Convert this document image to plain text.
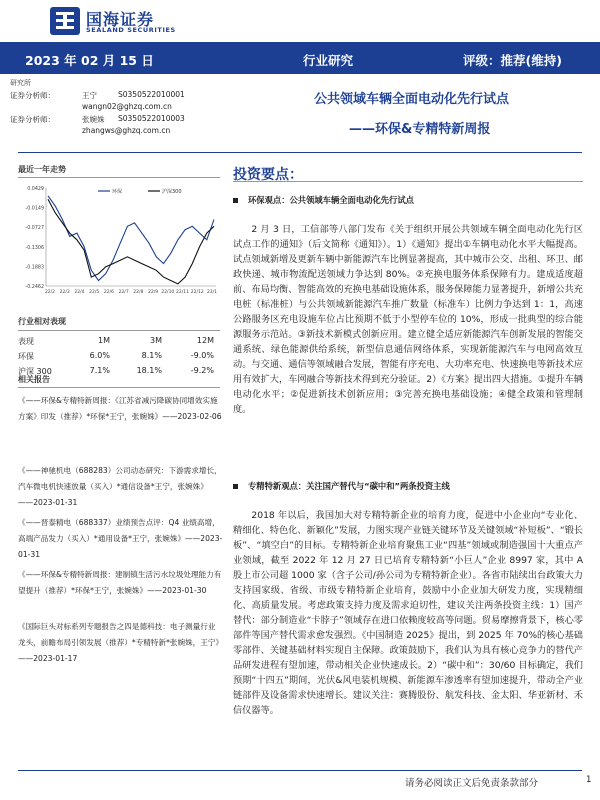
国海证券
SEALAND SECURITIES
2023 年 02 月 15 日	行业研究	评级：推荐(维持)
研究所
证券分析师：	王宁	S0350522010001
wangn02@ghzq.com.cn
证券分析师：	张婉姝 S0350522010003
zhangws@ghzq.com.cn
公共领域车辆全面电动化先行试点
——环保&专精特新周报
最近一年走势
0.0429
-0.0149
-0.0727
-0.1306
-0.1883
-0.2462
22/2 22/3 22/4 22/5 22/6 22/7 22/8 22/9 22/10 22/11 22/12 23/1
环保	沪深300
行业相对表现
表现	1M	3M	12M
环保	6.0%	8.1%	-9.0%
沪深 300	7.1%	18.1%	-9.2%
相关报告

《——环保&专精特新周报：《江苏省减污降碳协同增效实施方案》印发（推荐）*环保*王宁，张婉姝》——2023-02-06

《——神驰机电（688283）公司动态研究：下游需求增长，汽车微电机快速放量（买入）*通信设备*王宁，张婉姝》——2023-01-31

《——晋泰精电（688337）业绩预告点评：Q4 业绩高增，高端产品发力（买入）*通用设备*王宁，张婉姝》——2023-01-31

《——环保&专精特新周报：建制镇生活污水垃圾处理能力有望提升（推荐）*环保*王宁，张婉姝》——2023-01-30

《国际巨头对标系列专题报告之四是德科技：电子测量行业龙头，前瞻布局引领发展（推荐）*专精特新*张婉姝，王宁》——2023-01-17

投资要点：
环保观点：公共领域车辆全面电动化先行试点
2 月 3 日，工信部等八部门发布《关于组织开展公共领域车辆全面电动化先行区试点工作的通知》（后文简称《通知》）。1）《通知》提出①车辆电动化水平大幅提高。试点领域新增及更新车辆中新能源汽车比例显著提高，其中城市公交、出租、环卫、邮政快递、城市物流配送领域力争达到 80%。②充换电服务体系保障有力。建成适度超前、布局均衡、智能高效的充换电基础设施体系，服务保障能力显著提升，新增公共充电桩（标准桩）与公共领域新能源汽车推广数量（标准车）比例力争达到 1：1，高速公路服务区充电设施车位占比预期不低于小型停车位的 10%，形成一批典型的综合能源服务示范站。③新技术新模式创新应用。建立健全适应新能源汽车创新发展的智能交通系统、绿色能源供给系统，新型信息通信网络体系，实现新能源汽车与电网高效互动。与交通、通信等领域融合发展，智能有序充电、大功率充电、快速换电等新技术应用有效扩大，车网融合等新技术得到充分验证。2）《方案》提出四大措施。①提升车辆电动化水平；②促进新技术创新应用；③完善充换电基础设施；④健全政策和管理制度。
专精特新观点：关注国产替代与“碳中和”两条投资主线
2018 年以后，我国加大对专精特新企业的培育力度，促进中小企业向“专业化、精细化、特色化、新颖化”发展，力图实现产业链关键环节及关键领域“补短板”、“锻长板”、“填空白”的目标。专精特新企业培育聚焦工业“四基”领域或制造强国十大重点产业领域，截至 2022 年 12 月 27 日已培育专精特新“小巨人”企业 8997 家，其中 A 股上市公司超 1000 家（含子公司/孙公司为专精特新企业）。各省市陆续出台政策大力支持国家级、省级、市级专精特新企业培育，鼓励中小企业加大研发力度，实现精细化、高质量发展。考虑政策支持力度及需求迫切性，建议关注两条投资主线：1）国产替代：部分制造业“卡脖子”领域存在进口依赖度较高等问题。贸易摩擦背景下，核心零部件等国产替代需求愈发强烈。《中国制造 2025》提出，到 2025 年 70%的核心基础零部件、关键基础材料实现自主保障。政策鼓励下，我们认为具有核心竞争力的替代产品研发进程有望加速，带动相关企业快速成长。2）“碳中和”：30/60 目标确定，我们预期“十四五”期间，光伏&风电装机规模、新能源车渗透率有望加速提升，带动全产业链部件及设备需求快速增长。建议关注：赛腾股份、航发科技、金太阳、华亚新材、禾信仪器等。
请务必阅读正文后免责条款部分	1
